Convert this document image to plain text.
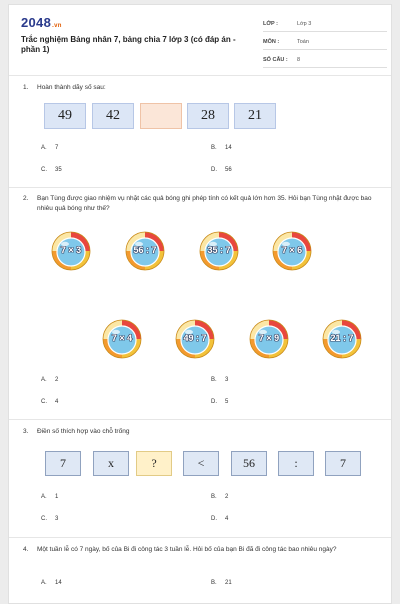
2048.vn
Trắc nghiệm Bảng nhân 7, bảng chia 7 lớp 3 (có đáp án - phần 1)
LỚP :	Lớp 3
MÔN :	Toán
SỐ CÂU : 8
1. Hoàn thành dãy số sau:
49	42	28	21
A. 7	B. 14
C. 35	D. 56
2. Bạn Tùng được giao nhiệm vụ nhặt các quả bóng ghi phép tính có kết quả lớn hơn 35. Hỏi bạn Tùng nhặt được bao nhiêu quả bóng như thế?
7 × 3	56 : 7	35 : 7	7 × 6
7 × 4	49 : 7	7 × 9	21 : 7
A. 2	B. 3
C. 4	D. 5
3. Điền số thích hợp vào chỗ trống
7	x	?	<	56	:	7
A. 1	B. 2
C. 3	D. 4
4. Một tuần lễ có 7 ngày, bố của Bi đi công tác 3 tuần lễ. Hỏi bố của bạn Bi đã đi công tác bao nhiêu ngày?
A. 14	B. 21
